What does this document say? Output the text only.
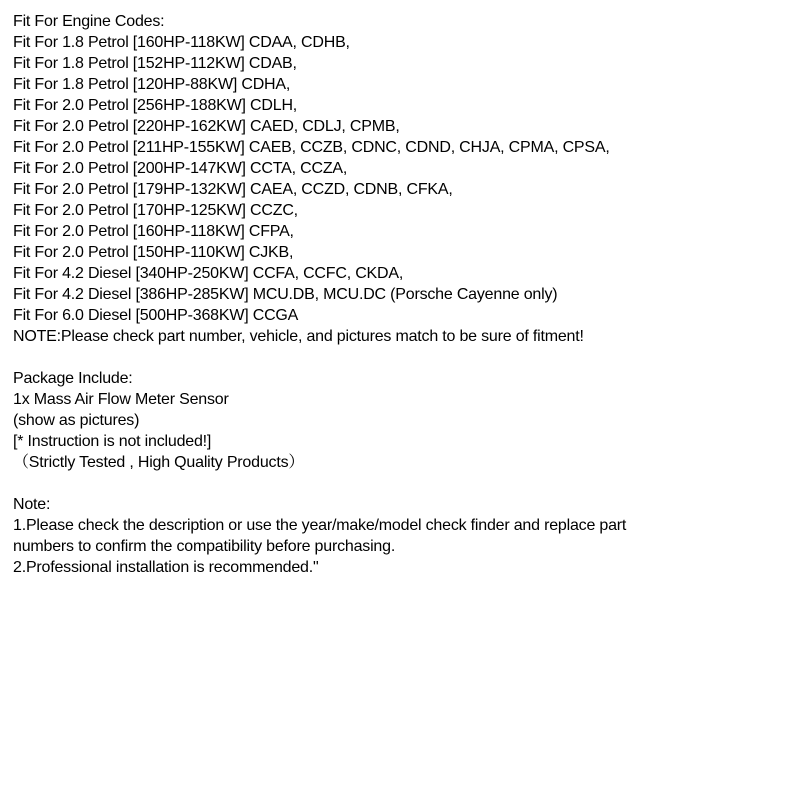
Fit For Engine Codes:
Fit For 1.8 Petrol [160HP-118KW] CDAA, CDHB,
Fit For 1.8 Petrol [152HP-112KW] CDAB,
Fit For 1.8 Petrol [120HP-88KW] CDHA,
Fit For 2.0 Petrol [256HP-188KW] CDLH,
Fit For 2.0 Petrol [220HP-162KW] CAED, CDLJ, CPMB,
Fit For 2.0 Petrol [211HP-155KW] CAEB, CCZB, CDNC, CDND, CHJA, CPMA, CPSA,
Fit For 2.0 Petrol [200HP-147KW] CCTA, CCZA,
Fit For 2.0 Petrol [179HP-132KW] CAEA, CCZD, CDNB, CFKA,
Fit For 2.0 Petrol [170HP-125KW] CCZC,
Fit For 2.0 Petrol [160HP-118KW] CFPA,
Fit For 2.0 Petrol [150HP-110KW] CJKB,
Fit For 4.2 Diesel [340HP-250KW] CCFA, CCFC, CKDA,
Fit For 4.2 Diesel [386HP-285KW] MCU.DB, MCU.DC (Porsche Cayenne only)
Fit For 6.0 Diesel [500HP-368KW] CCGA
NOTE:Please check part number, vehicle, and pictures match to be sure of fitment!
Package Include:
1x Mass Air Flow Meter Sensor
(show as pictures)
[* Instruction is not included!]
（Strictly Tested , High Quality Products）
Note:
1.Please check the description or use the year/make/model check finder and replace part
numbers to confirm the compatibility before purchasing.
2.Professional installation is recommended."
